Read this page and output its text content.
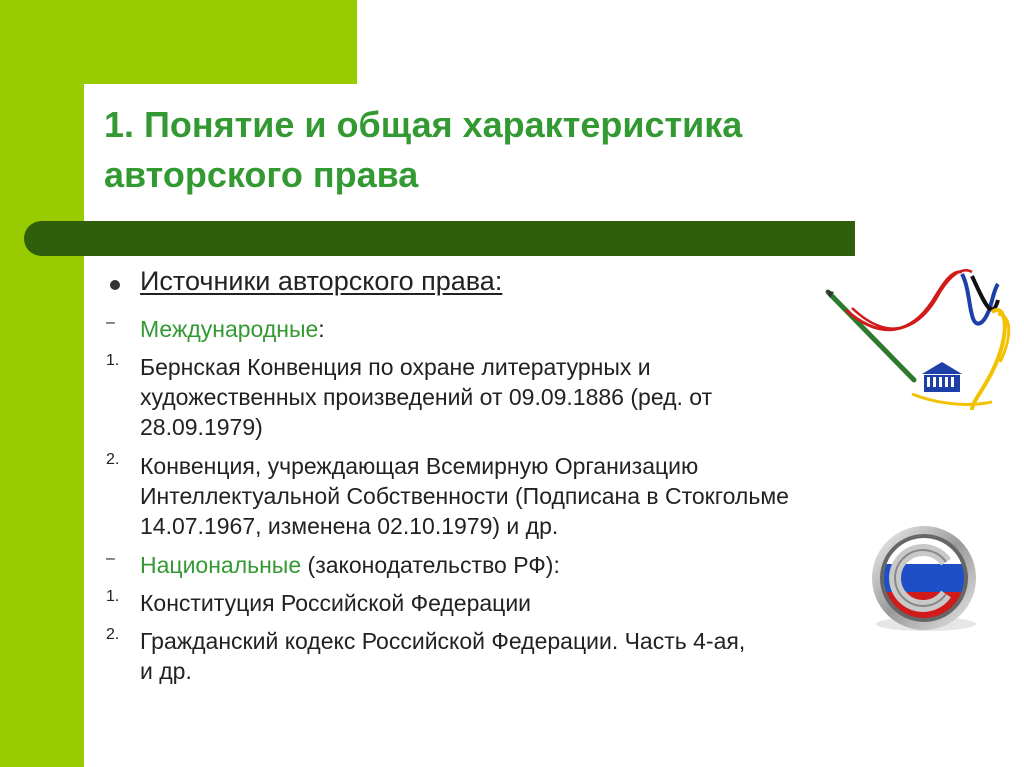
1. Понятие и общая характеристика
авторского права
Источники авторского права:
–	Международные:
1. Бернская Конвенция по охране литературных и
художественных произведений от 09.09.1886 (ред. от
28.09.1979)
2. Конвенция, учреждающая Всемирную Организацию
Интеллектуальной Собственности (Подписана в Стокгольме
14.07.1967, изменена 02.10.1979) и др.
–	Национальные (законодательство РФ):
1. Конституция Российской Федерации
2. Гражданский кодекс Российской Федерации. Часть 4-ая,
и др.
